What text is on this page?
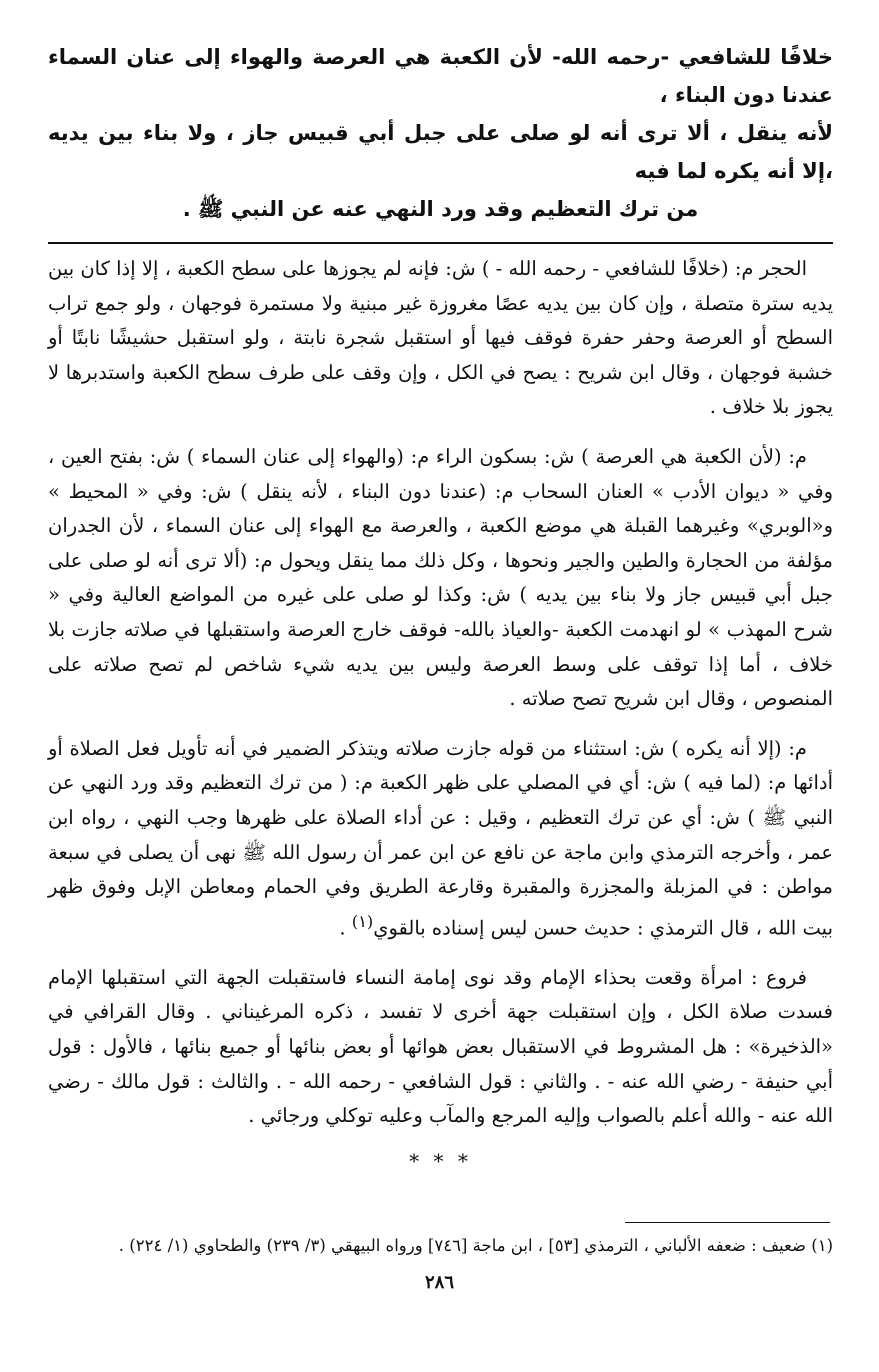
خلافًا للشافعي -رحمه الله- لأن الكعبة هي العرصة والهواء إلى عنان السماء عندنا دون البناء ،

لأنه ينقل ، ألا ترى أنه لو صلى على جبل أبي قبيس جاز ، ولا بناء بين يديه ،إلا أنه يكره لما فيه

من ترك التعظيم وقد ورد النهي عنه عن النبي ﷺ .

الحجر م: (خلافًا للشافعي - رحمه الله - ) ش: فإنه لم يجوزها على سطح الكعبة ، إلا إذا كان بين يديه سترة متصلة ، وإن كان بين يديه عصًا مغروزة غير مبنية ولا مستمرة فوجهان ، ولو جمع تراب السطح أو العرصة وحفر حفرة فوقف فيها أو استقبل شجرة نابتة ، ولو استقبل حشيشًا نابتًا أو خشبة فوجهان ، وقال ابن شريح : يصح في الكل ، وإن وقف على طرف سطح الكعبة واستدبرها لا يجوز بلا خلاف .

م: (لأن الكعبة هي العرصة ) ش: بسكون الراء م: (والهواء إلى عنان السماء ) ش: بفتح العين ، وفي « ديوان الأدب » العنان السحاب م: (عندنا دون البناء ، لأنه ينقل ) ش: وفي « المحيط » و«الوبري» وغيرهما القبلة هي موضع الكعبة ، والعرصة مع الهواء إلى عنان السماء ، لأن الجدران مؤلفة من الحجارة والطين والجير ونحوها ، وكل ذلك مما ينقل ويحول م: (ألا ترى أنه لو صلى على جبل أبي قبيس جاز ولا بناء بين يديه ) ش: وكذا لو صلى على غيره من المواضع العالية وفي « شرح المهذب » لو انهدمت الكعبة -والعياذ بالله- فوقف خارج العرصة واستقبلها في صلاته جازت بلا خلاف ، أما إذا توقف على وسط العرصة وليس بين يديه شيء شاخص لم تصح صلاته على المنصوص ، وقال ابن شريح تصح صلاته .

م: (إلا أنه يكره ) ش: استثناء من قوله جازت صلاته ويتذكر الضمير في أنه تأويل فعل الصلاة أو أدائها م: (لما فيه ) ش: أي في المصلي على ظهر الكعبة م: ( من ترك التعظيم وقد ورد النهي عن النبي ﷺ ) ش: أي عن ترك التعظيم ، وقيل : عن أداء الصلاة على ظهرها وجب النهي ، رواه ابن عمر ، وأخرجه الترمذي وابن ماجة عن نافع عن ابن عمر أن رسول الله ﷺ نهى أن يصلى في سبعة مواطن : في المزبلة والمجزرة والمقبرة وقارعة الطريق وفي الحمام ومعاطن الإبل وفوق ظهر بيت الله ، قال الترمذي : حديث حسن ليس إسناده بالقوي$^{(١)}$ .

فروع : امرأة وقعت بحذاء الإمام وقد نوى إمامة النساء فاستقبلت الجهة التي استقبلها الإمام فسدت صلاة الكل ، وإن استقبلت جهة أخرى لا تفسد ، ذكره المرغيناني . وقال القرافي في «الذخيرة» : هل المشروط في الاستقبال بعض هوائها أو بعض بنائها أو جميع بنائها ، فالأول : قول أبي حنيفة - رضي الله عنه - . والثاني : قول الشافعي - رحمه الله - . والثالث : قول مالك - رضي الله عنه - والله أعلم بالصواب وإليه المرجع والمآب وعليه توكلي ورجائي .

* * *
(١) ضعيف : ضعفه الألباني ، الترمذي [٥٣] ، ابن ماجة [٧٤٦] ورواه البيهقي (٣/ ٢٣٩) والطحاوي (١/ ٢٢٤) .
٢٨٦
